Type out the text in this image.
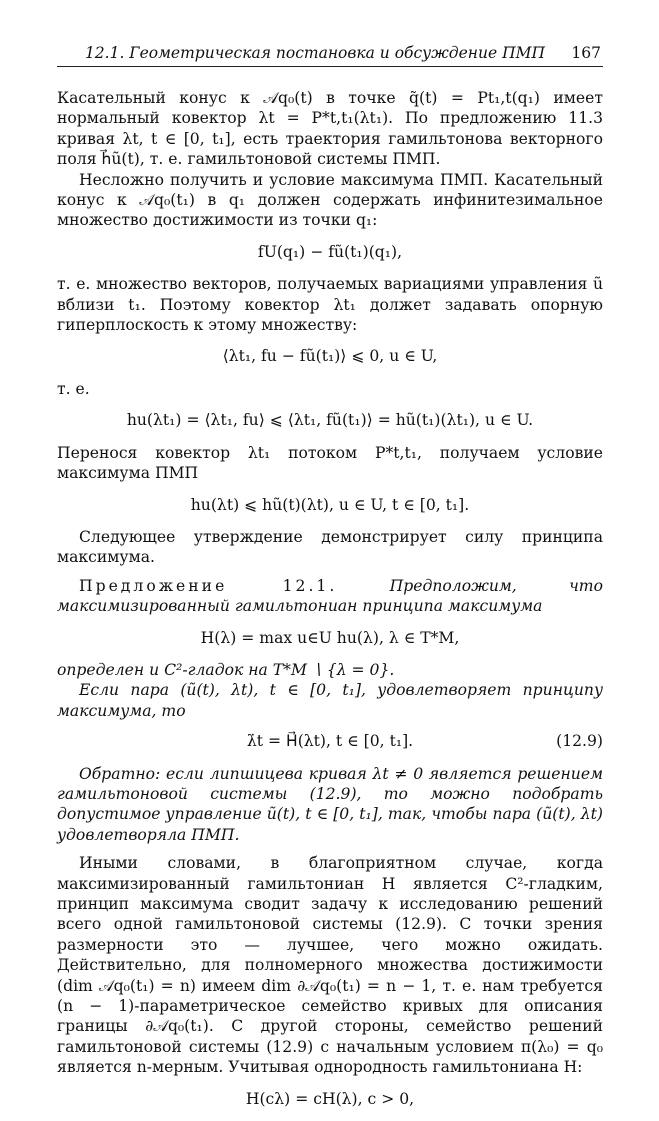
12.1. Геометрическая постановка и обсуждение ПМП 167

Касательный конус к 𝒜q₀(t) в точке q̃(t) = Pt₁,t(q₁) имеет нормальный ковектор λt = P*t,t₁(λt₁). По предложению 11.3 кривая λt, t ∈ [0, t₁], есть траектория гамильтонова векторного поля h⃗ũ(t), т. е. гамильтоновой системы ПМП.

Несложно получить и условие максимума ПМП. Касательный конус к 𝒜q₀(t₁) в q₁ должен содержать инфинитезимальное множество достижимости из точки q₁:

fU(q₁) − fũ(t₁)(q₁),

т. е. множество векторов, получаемых вариациями управления ũ вблизи t₁. Поэтому ковектор λt₁ должет задавать опорную гиперплоскость к этому множеству:

⟨λt₁, fu − fũ(t₁)⟩ ⩽ 0, u ∈ U,

т. е.

hu(λt₁) = ⟨λt₁, fu⟩ ⩽ ⟨λt₁, fũ(t₁)⟩ = hũ(t₁)(λt₁), u ∈ U.

Перенося ковектор λt₁ потоком P*t,t₁, получаем условие максимума ПМП

hu(λt) ⩽ hũ(t)(λt), u ∈ U, t ∈ [0, t₁].

Следующее утверждение демонстрирует силу принципа максимума.

Предложение 12.1.	Предположим, что максимизированный гамильтониан принципа максимума

H(λ) = max u∈U hu(λ), λ ∈ T*M,

определен и C²-гладок на T*M ∖ {λ = 0}.

Если пара (ũ(t), λt), t ∈ [0, t₁], удовлетворяет принципу максимума, то

λ̇t = H⃗(λt), t ∈ [0, t₁].	(12.9)

Обратно: если липшицева кривая λt ≠ 0 является решением гамильтоновой системы (12.9), то можно подобрать допустимое управление ũ(t), t ∈ [0, t₁], так, чтобы пара (ũ(t), λt) удовлетворяла ПМП.

Иными словами, в благоприятном случае, когда максимизированный гамильтониан H является C²-гладким, принцип максимума сводит задачу к исследованию решений всего одной гамильтоновой системы (12.9). С точки зрения размерности это — лучшее, чего можно ожидать. Действительно, для полномерного множества достижимости (dim 𝒜q₀(t₁) = n) имеем dim ∂𝒜q₀(t₁) = n − 1, т. е. нам требуется (n − 1)-параметрическое семейство кривых для описания границы ∂𝒜q₀(t₁). С другой стороны, семейство решений гамильтоновой системы (12.9) с начальным условием π(λ₀) = q₀ является n-мерным. Учитывая однородность гамильтониана H:

H(cλ) = cH(λ), c > 0,
